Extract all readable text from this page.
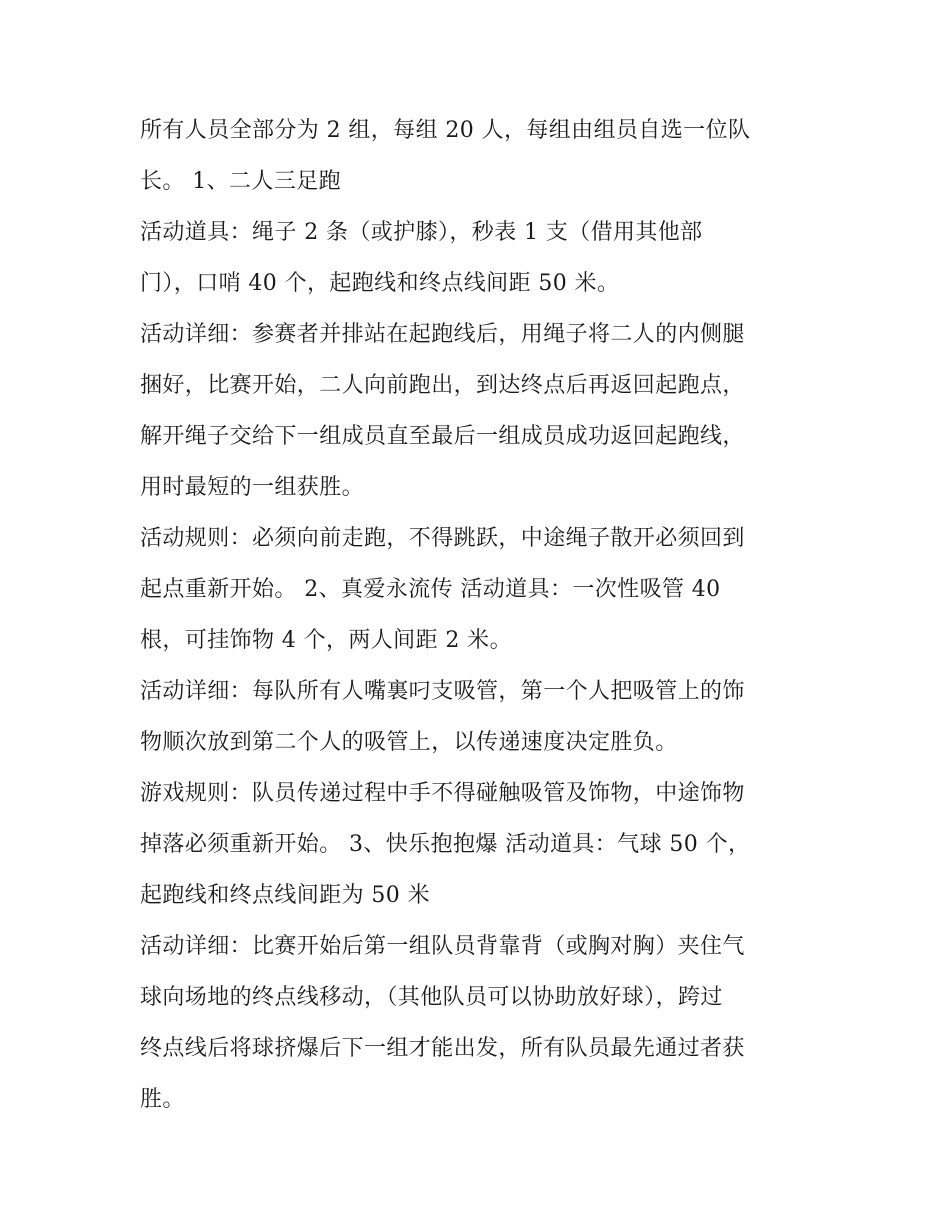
所有人员全部分为 2 组，每组 20 人，每组由组员自选一位队
长。 1、二人三足跑
活动道具：绳子 2 条（或护膝），秒表 1 支（借用其他部
门），口哨 40 个，起跑线和终点线间距 50 米。
活动详细：参赛者并排站在起跑线后，用绳子将二人的内侧腿
捆好，比赛开始，二人向前跑出，到达终点后再返回起跑点，
解开绳子交给下一组成员直至最后一组成员成功返回起跑线，
用时最短的一组获胜。
活动规则：必须向前走跑，不得跳跃，中途绳子散开必须回到
起点重新开始。 2、真爱永流传 活动道具：一次性吸管 40
根，可挂饰物 4 个，两人间距 2 米。
活动详细：每队所有人嘴裏叼支吸管，第一个人把吸管上的饰
物顺次放到第二个人的吸管上，以传递速度决定胜负。
游戏规则：队员传递过程中手不得碰触吸管及饰物，中途饰物
掉落必须重新开始。 3、快乐抱抱爆 活动道具：气球 50 个，
起跑线和终点线间距为 50 米
活动详细：比赛开始后第一组队员背靠背（或胸对胸）夹住气
球向场地的终点线移动，（其他队员可以协助放好球），跨过
终点线后将球挤爆后下一组才能出发，所有队员最先通过者获
胜。
